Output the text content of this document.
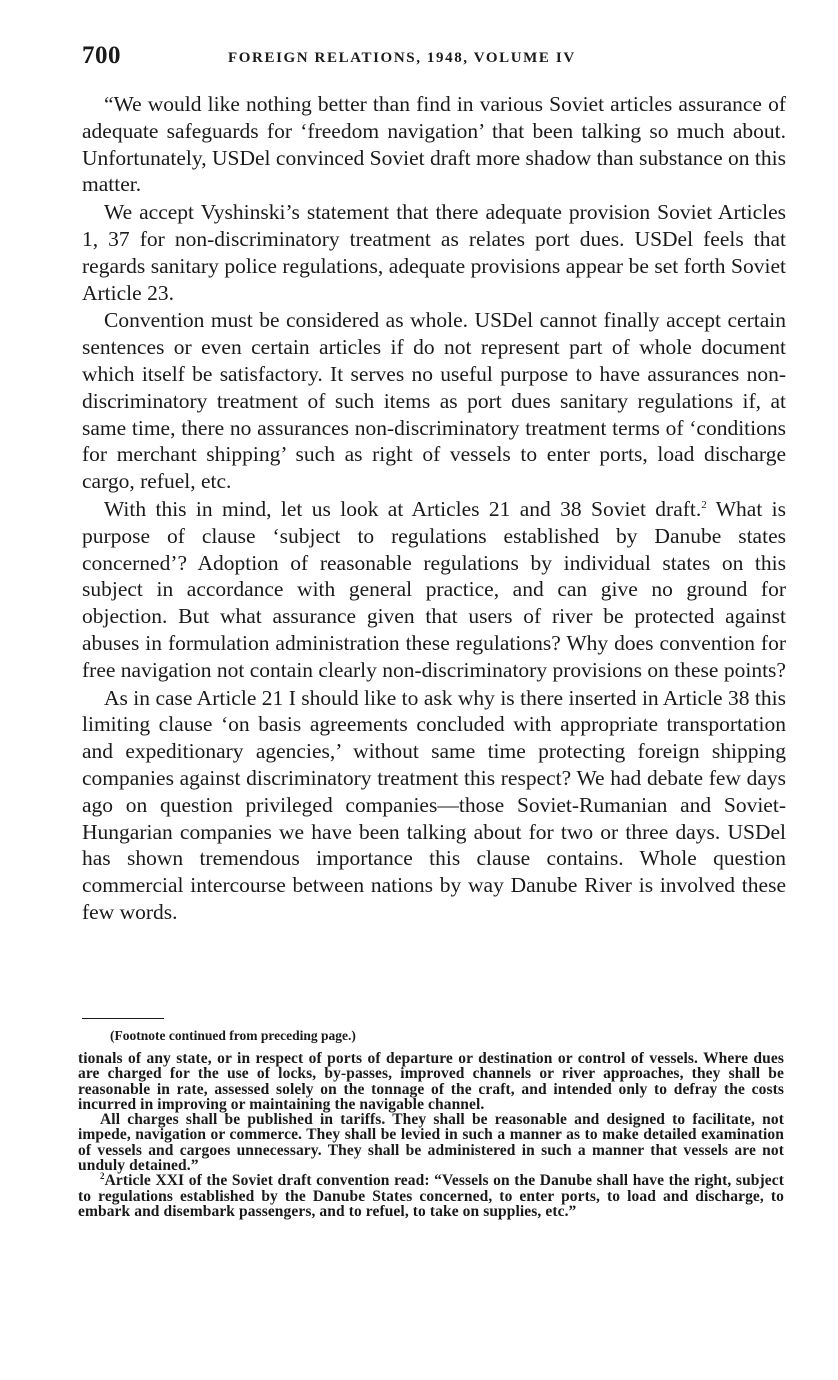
700	FOREIGN RELATIONS, 1948, VOLUME IV

“We would like nothing better than find in various Soviet articles assurance of adequate safeguards for ‘freedom navigation’ that been talking so much about. Unfortunately, USDel convinced Soviet draft more shadow than substance on this matter.

We accept Vyshinski’s statement that there adequate provision Soviet Articles 1, 37 for non-discriminatory treatment as relates port dues. USDel feels that regards sanitary police regulations, adequate provisions appear be set forth Soviet Article 23.

Convention must be considered as whole. USDel cannot finally accept certain sentences or even certain articles if do not represent part of whole document which itself be satisfactory. It serves no useful purpose to have assurances non-discriminatory treatment of such items as port dues sanitary regulations if, at same time, there no assurances non-discriminatory treatment terms of ‘conditions for merchant shipping’ such as right of vessels to enter ports, load discharge cargo, refuel, etc.

With this in mind, let us look at Articles 21 and 38 Soviet draft.$^2$ What is purpose of clause ‘subject to regulations established by Danube states concerned’? Adoption of reasonable regulations by individual states on this subject in accordance with general practice, and can give no ground for objection. But what assurance given that users of river be protected against abuses in formulation administration these regulations? Why does convention for free navigation not contain clearly non-discriminatory provisions on these points?

As in case Article 21 I should like to ask why is there inserted in Article 38 this limiting clause ‘on basis agreements concluded with appropriate transportation and expeditionary agencies,’ without same time protecting foreign shipping companies against discriminatory treatment this respect? We had debate few days ago on question privileged companies—those Soviet-Rumanian and Soviet-Hungarian companies we have been talking about for two or three days. USDel has shown tremendous importance this clause contains. Whole question commercial intercourse between nations by way Danube River is involved these few words.

(Footnote continued from preceding page.)

tionals of any state, or in respect of ports of departure or destination or control of vessels. Where dues are charged for the use of locks, by-passes, improved channels or river approaches, they shall be reasonable in rate, assessed solely on the tonnage of the craft, and intended only to defray the costs incurred in improving or maintaining the navigable channel.

All charges shall be published in tariffs. They shall be reasonable and designed to facilitate, not impede, navigation or commerce. They shall be levied in such a manner as to make detailed examination of vessels and cargoes unnecessary. They shall be administered in such a manner that vessels are not unduly detained.”

$^2$Article XXI of the Soviet draft convention read: “Vessels on the Danube shall have the right, subject to regulations established by the Danube States concerned, to enter ports, to load and discharge, to embark and disembark passengers, and to refuel, to take on supplies, etc.”
